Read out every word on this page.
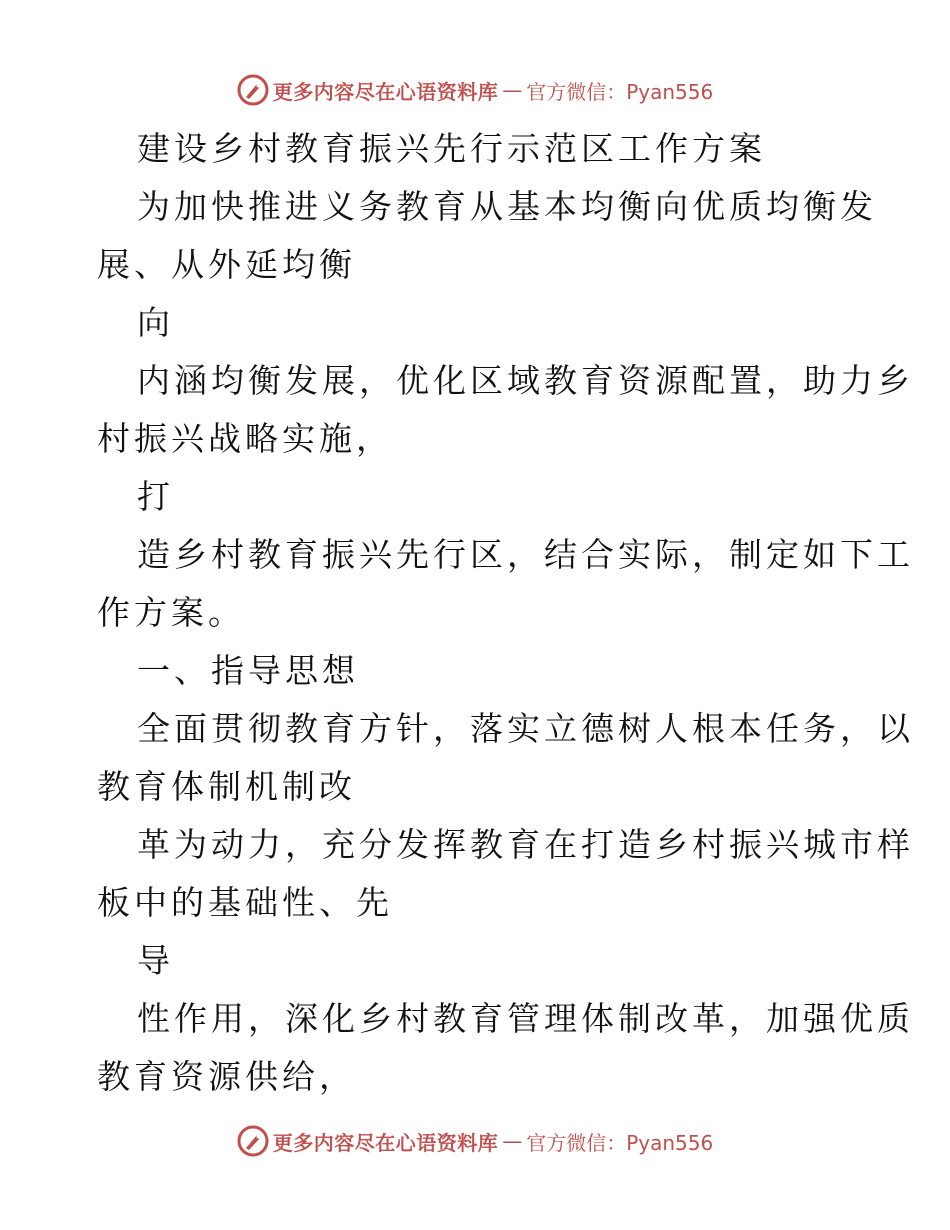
更多内容尽在心语资料库 — 官方微信：Pyan556
建设乡村教育振兴先行示范区工作方案
为加快推进义务教育从基本均衡向优质均衡发
展、从外延均衡
向
内涵均衡发展，优化区域教育资源配置，助力乡
村振兴战略实施，
打
造乡村教育振兴先行区，结合实际，制定如下工
作方案。
一、指导思想
全面贯彻教育方针，落实立德树人根本任务，以
教育体制机制改
革为动力，充分发挥教育在打造乡村振兴城市样
板中的基础性、先
导
性作用，深化乡村教育管理体制改革，加强优质
教育资源供给，
更多内容尽在心语资料库 — 官方微信：Pyan556
